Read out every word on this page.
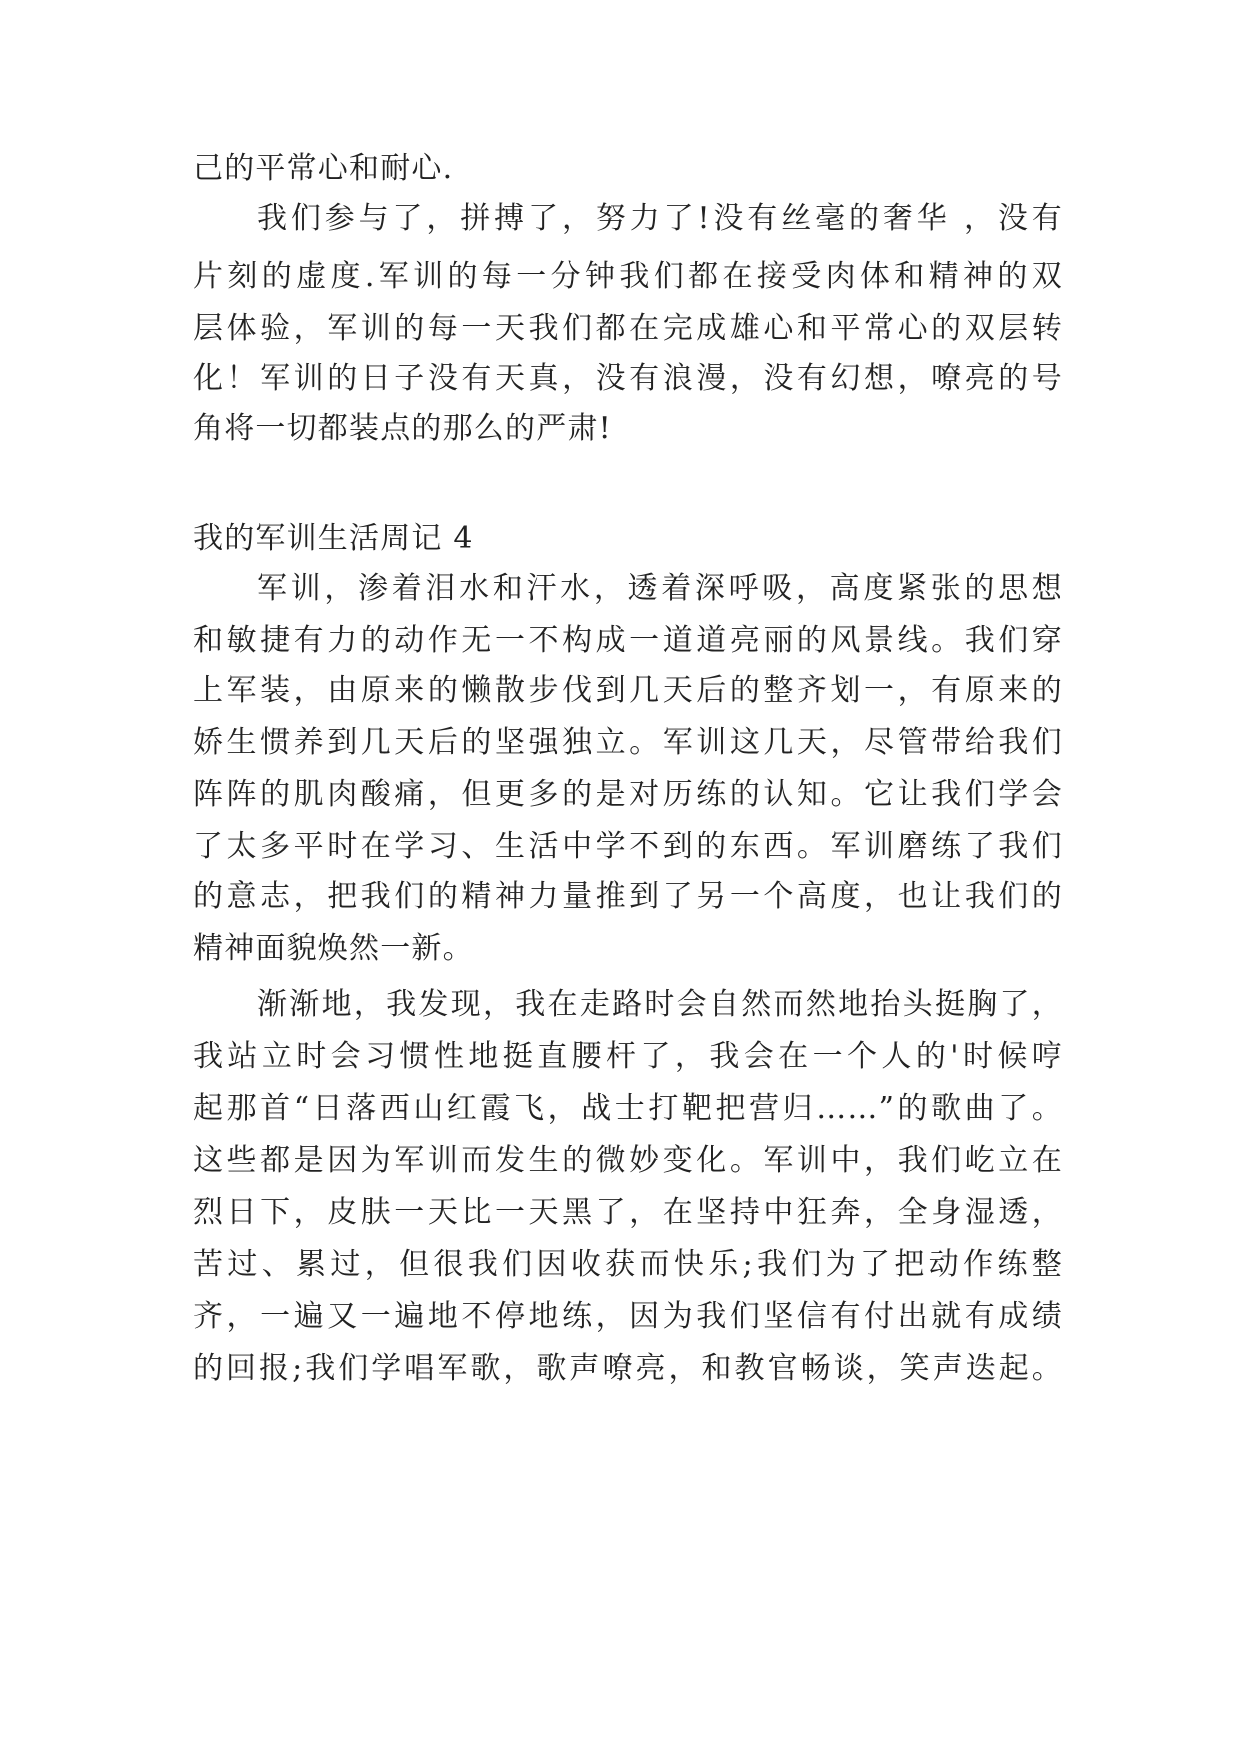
己的平常心和耐心.
我们参与了，拼搏了，努力了!没有丝毫的奢华 ，没有
片刻的虚度.军训的每一分钟我们都在接受肉体和精神的双
层体验，军训的每一天我们都在完成雄心和平常心的双层转
化！军训的日子没有天真，没有浪漫，没有幻想，嘹亮的号
角将一切都装点的那么的严肃!
我的军训生活周记 4
军训，渗着泪水和汗水，透着深呼吸，高度紧张的思想
和敏捷有力的动作无一不构成一道道亮丽的风景线。我们穿
上军装，由原来的懒散步伐到几天后的整齐划一，有原来的
娇生惯养到几天后的坚强独立。军训这几天，尽管带给我们
阵阵的肌肉酸痛，但更多的是对历练的认知。它让我们学会
了太多平时在学习、生活中学不到的东西。军训磨练了我们
的意志，把我们的精神力量推到了另一个高度，也让我们的
精神面貌焕然一新。
渐渐地，我发现，我在走路时会自然而然地抬头挺胸了，
我站立时会习惯性地挺直腰杆了，我会在一个人的'时候哼
起那首“日落西山红霞飞，战士打靶把营归……”的歌曲了。
这些都是因为军训而发生的微妙变化。军训中，我们屹立在
烈日下，皮肤一天比一天黑了，在坚持中狂奔，全身湿透，
苦过、累过，但很我们因收获而快乐;我们为了把动作练整
齐，一遍又一遍地不停地练，因为我们坚信有付出就有成绩
的回报;我们学唱军歌，歌声嘹亮，和教官畅谈，笑声迭起。
